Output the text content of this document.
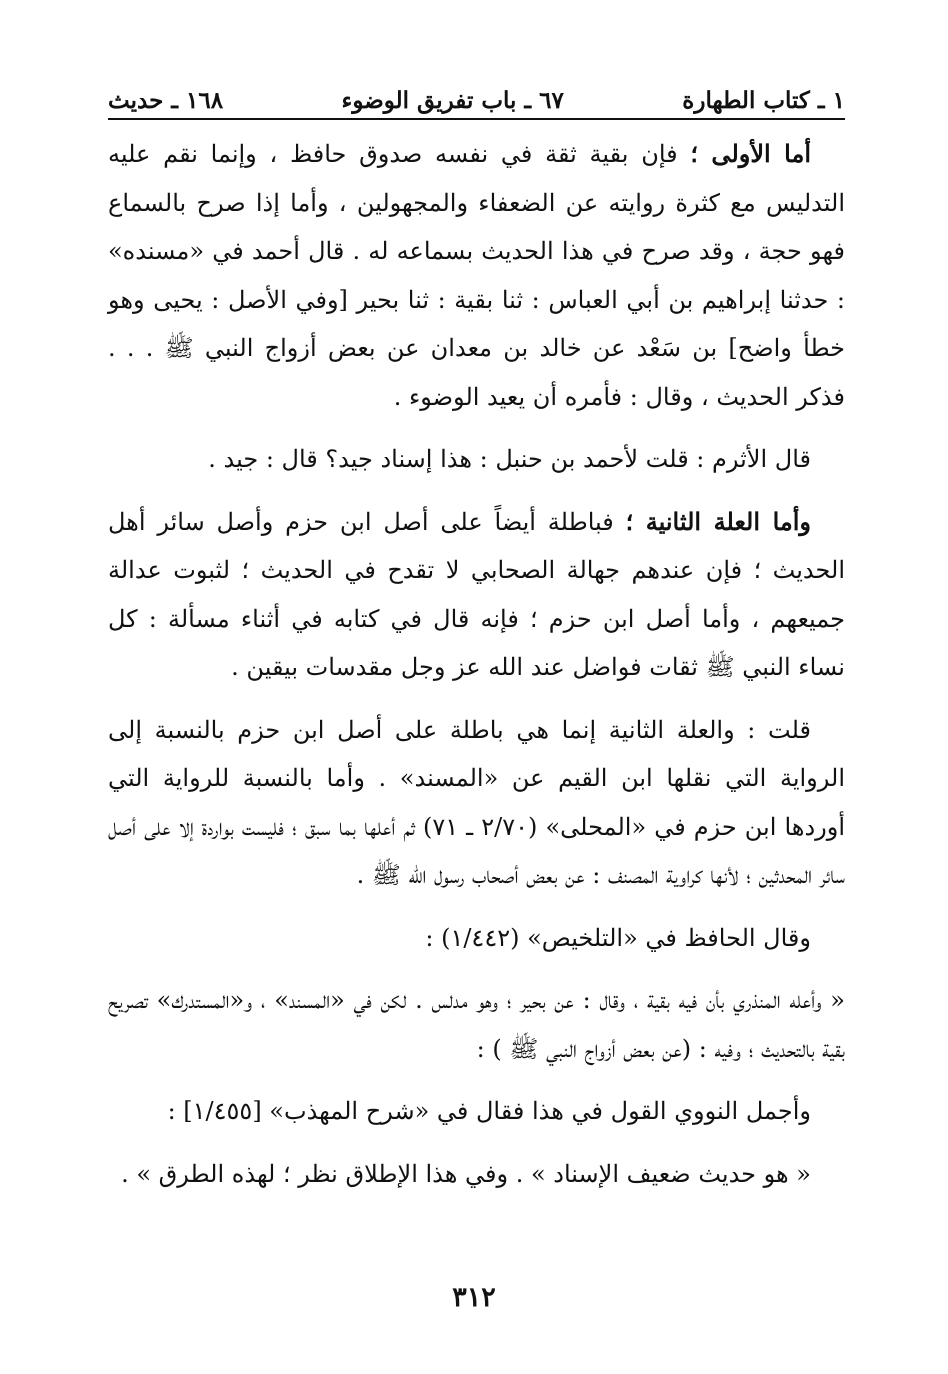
١ ـ كتاب الطهارة
٦٧ ـ باب تفريق الوضوء
١٦٨ ـ حديث

أما الأولى ؛ فإن بقية ثقة في نفسه صدوق حافظ ، وإنما نقم عليه التدليس مع كثرة روايته عن الضعفاء والمجهولين ، وأما إذا صرح بالسماع فهو حجة ، وقد صرح في هذا الحديث بسماعه له . قال أحمد في «مسنده» : حدثنا إبراهيم بن أبي العباس : ثنا بقية : ثنا بحير [وفي الأصل : يحيى وهو خطأ واضح] بن سَعْد عن خالد بن معدان عن بعض أزواج النبي ﷺ . . . فذكر الحديث ، وقال : فأمره أن يعيد الوضوء .

قال الأثرم : قلت لأحمد بن حنبل : هذا إسناد جيد؟ قال : جيد .

وأما العلة الثانية ؛ فباطلة أيضاً على أصل ابن حزم وأصل سائر أهل الحديث ؛ فإن عندهم جهالة الصحابي لا تقدح في الحديث ؛ لثبوت عدالة جميعهم ، وأما أصل ابن حزم ؛ فإنه قال في كتابه في أثناء مسألة : كل نساء النبي ﷺ ثقات فواضل عند الله عز وجل مقدسات بيقين .

قلت : والعلة الثانية إنما هي باطلة على أصل ابن حزم بالنسبة إلى الرواية التي نقلها ابن القيم عن «المسند» . وأما بالنسبة للرواية التي أوردها ابن حزم في «المحلى» (٢/٧٠ ـ ٧١) ثم أعلها بما سبق ؛ فليست بواردة إلا على أصل سائر المحدثين ؛ لأنها كراوية المصنف : عن بعض أصحاب رسول الله ﷺ .

وقال الحافظ في «التلخيص» (١/٤٤٢) :

« وأعله المنذري بأن فيه بقية ، وقال : عن بحير ؛ وهو مدلس . لكن في «المسند» ، و«المستدرك» تصريح بقية بالتحديث ؛ وفيه : (عن بعض أزواج النبي ﷺ ) :

وأجمل النووي القول في هذا فقال في «شرح المهذب» [١/٤٥٥] :

« هو حديث ضعيف الإسناد » . وفي هذا الإطلاق نظر ؛ لهذه الطرق » .

٣١٢
